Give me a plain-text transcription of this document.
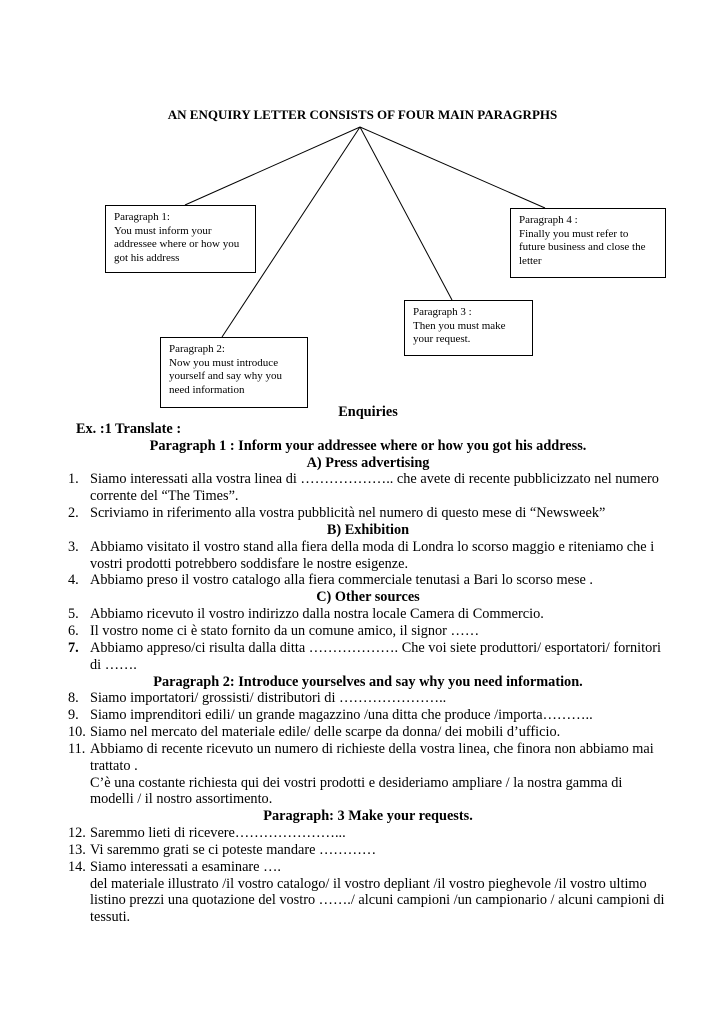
AN ENQUIRY LETTER CONSISTS OF FOUR MAIN PARAGRPHS
Paragraph 1:
You must inform your addressee where or how you got his address
Paragraph 2:
Now you must introduce yourself and say why you need information
Paragraph 3 :
Then you must make your request.
Paragraph 4 :
Finally you must refer to future business and close the letter
Enquiries
Ex. :1 Translate :
Paragraph 1 : Inform your addressee where or how you got his address.
A) Press advertising
1. Siamo interessati alla vostra linea di ……………….. che avete di recente pubblicizzato nel numero corrente del “The Times”.
2. Scriviamo in riferimento alla vostra pubblicità nel numero di questo mese di “Newsweek”
B) Exhibition
3. Abbiamo visitato il vostro stand alla fiera della moda di Londra lo scorso maggio e riteniamo che i vostri prodotti potrebbero soddisfare le nostre esigenze.
4. Abbiamo preso il vostro catalogo alla fiera commerciale tenutasi a Bari lo scorso mese .
C) Other sources
5. Abbiamo ricevuto il vostro indirizzo dalla nostra locale Camera di Commercio.
6. Il vostro nome ci è stato fornito da un comune amico, il signor ……
7. Abbiamo appreso/ci risulta dalla ditta ………………. Che voi siete produttori/ esportatori/ fornitori di …….
Paragraph 2: Introduce yourselves and say why you need information.
8. Siamo importatori/ grossisti/ distributori di …………………..
9. Siamo imprenditori edili/ un grande magazzino /una ditta che produce /importa………..
10. Siamo nel mercato del materiale edile/ delle scarpe da donna/ dei mobili d’ufficio.
11. Abbiamo di recente ricevuto un numero di richieste della vostra linea, che finora non abbiamo mai trattato .
C’è una costante richiesta qui dei vostri prodotti e desideriamo ampliare / la nostra gamma di modelli / il nostro assortimento.
Paragraph: 3 Make your requests.
12. Saremmo lieti di ricevere…………………...
13. Vi saremmo grati se ci poteste mandare …………
14. Siamo interessati a esaminare ….
del materiale illustrato /il vostro catalogo/ il vostro depliant /il vostro pieghevole /il vostro ultimo listino prezzi una quotazione del vostro ……./ alcuni campioni /un campionario / alcuni campioni di tessuti.
